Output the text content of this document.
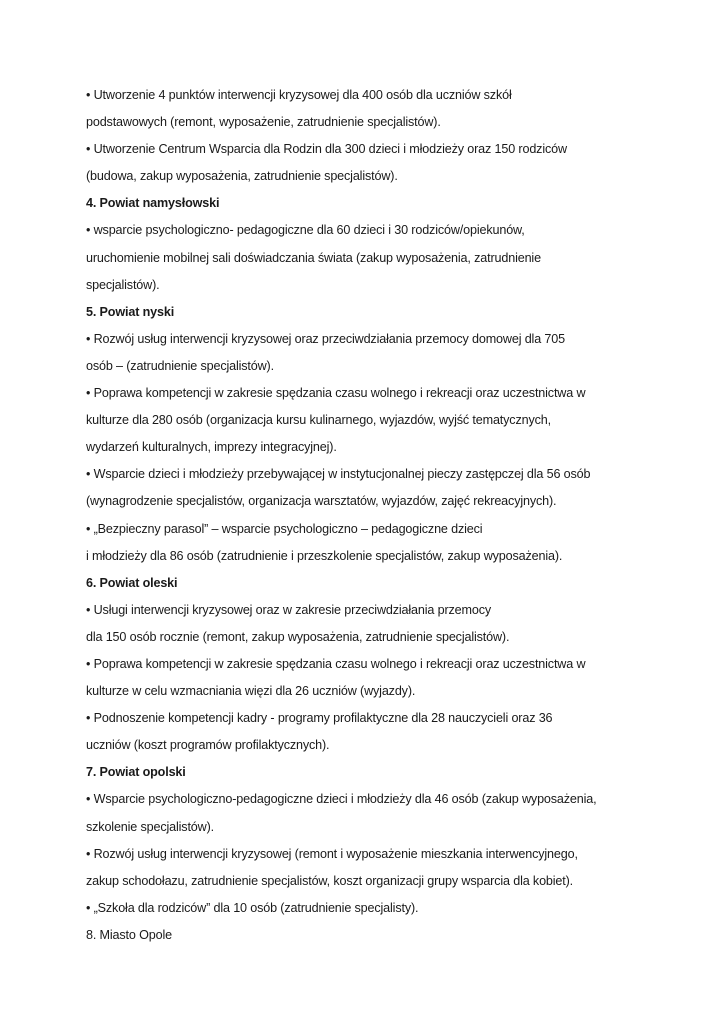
• Utworzenie 4 punktów interwencji kryzysowej dla 400 osób dla uczniów szkół
podstawowych (remont, wyposażenie, zatrudnienie specjalistów).
• Utworzenie Centrum Wsparcia dla Rodzin dla 300 dzieci i młodzieży oraz 150 rodziców
(budowa, zakup wyposażenia, zatrudnienie specjalistów).
4. Powiat namysłowski
• wsparcie psychologiczno- pedagogiczne dla 60 dzieci i 30 rodziców/opiekunów,
uruchomienie mobilnej sali doświadczania świata (zakup wyposażenia, zatrudnienie
specjalistów).
5. Powiat nyski
• Rozwój usług interwencji kryzysowej oraz przeciwdziałania przemocy domowej dla 705
osób – (zatrudnienie specjalistów).
• Poprawa kompetencji w zakresie spędzania czasu wolnego i rekreacji oraz uczestnictwa w
kulturze dla 280 osób (organizacja kursu kulinarnego, wyjazdów, wyjść tematycznych,
wydarzeń kulturalnych, imprezy integracyjnej).
• Wsparcie dzieci i młodzieży przebywającej w instytucjonalnej pieczy zastępczej dla 56 osób
(wynagrodzenie specjalistów, organizacja warsztatów, wyjazdów, zajęć rekreacyjnych).
• „Bezpieczny parasol” – wsparcie psychologiczno – pedagogiczne dzieci
i młodzieży dla 86 osób (zatrudnienie i przeszkolenie specjalistów, zakup wyposażenia).
6. Powiat oleski
• Usługi interwencji kryzysowej oraz w zakresie przeciwdziałania przemocy
dla 150 osób rocznie (remont, zakup wyposażenia, zatrudnienie specjalistów).
• Poprawa kompetencji w zakresie spędzania czasu wolnego i rekreacji oraz uczestnictwa w
kulturze w celu wzmacniania więzi dla 26 uczniów (wyjazdy).
• Podnoszenie kompetencji kadry - programy profilaktyczne dla 28 nauczycieli oraz 36
uczniów (koszt programów profilaktycznych).
7. Powiat opolski
• Wsparcie psychologiczno-pedagogiczne dzieci i młodzieży dla 46 osób (zakup wyposażenia,
szkolenie specjalistów).
• Rozwój usług interwencji kryzysowej (remont i wyposażenie mieszkania interwencyjnego,
zakup schodołazu, zatrudnienie specjalistów, koszt organizacji grupy wsparcia dla kobiet).
• „Szkoła dla rodziców” dla 10 osób (zatrudnienie specjalisty).
8. Miasto Opole
